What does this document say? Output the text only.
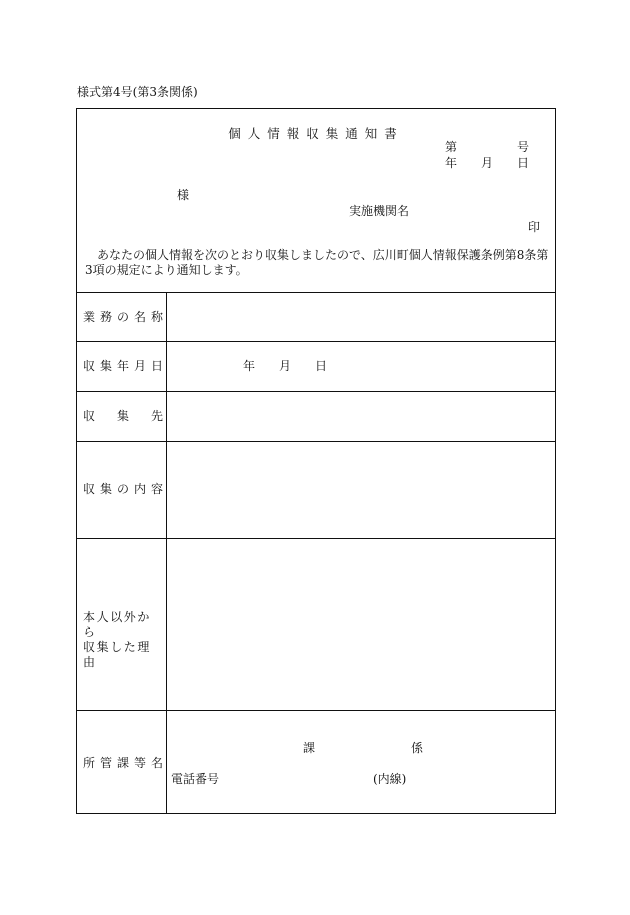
様式第4号(第3条関係)
個人情報収集通知書
第	号
年 月 日
様
実施機関名
印
あなたの個人情報を次のとおり収集しましたので、広川町個人情報保護条例第8条第3項の規定により通知します。
業 務 の 名 称
収 集 年 月 日	年 月 日
収 集 先
収 集 の 内 容
本人以外から
収集した理由
所 管 課 等 名
課	係
電話番号	(内線)
